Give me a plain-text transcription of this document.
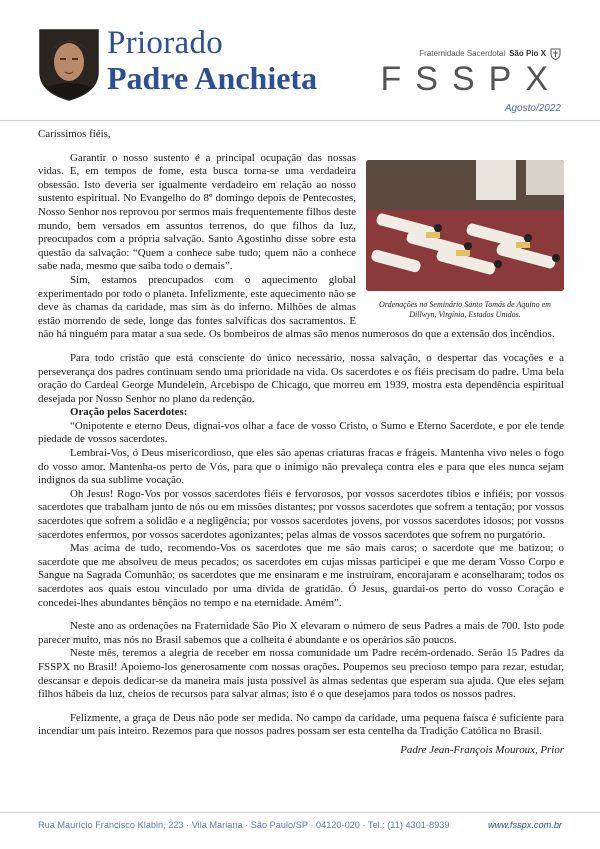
Priorado
Padre Anchieta
Fraternidade Sacerdotal São Pio X
FSSPX
Agosto/2022

Caríssimos fiéis,

Ordenações no Seminário Santo Tomás de Aquino em Dillwyn, Virgínia, Estados Unidos.

Garantir o nosso sustento é a principal ocupação das nossas vidas. E, em tempos de fome, esta busca torna-se uma verdadeira obsessão. Isto deveria ser igualmente verdadeiro em relação ao nosso sustento espiritual. No Evangelho do 8º domingo depois de Pentecostes, Nosso Senhor nos reprovou por sermos mais frequentemente filhos deste mundo, bem versados em assuntos terrenos, do que filhos da luz, preocupados com a própria salvação. Santo Agostinho disse sobre esta questão da salvação: “Quem a conhece sabe tudo; quem não a conhece sabe nada, mesmo que saiba todo o demais”.

Sim, estamos preocupados com o aquecimento global experimentado por todo o planeta. Infelizmente, este aquecimento não se deve às chamas da caridade, mas sim às do inferno. Milhões de almas estão morrendo de sede, longe das fontes salvíficas dos sacramentos. E não há ninguém para matar a sua sede. Os bombeiros de almas são menos numerosos do que a extensão dos incêndios.

Para todo cristão que está consciente do único necessário, nossa salvação, o despertar das vocações e a perseverança dos padres continuam sendo uma prioridade na vida. Os sacerdotes e os fiéis precisam do padre. Uma bela oração do Cardeal George Mundelein, Arcebispo de Chicago, que morreu em 1939, mostra esta dependência espiritual desejada por Nosso Senhor no plano da redenção.

Oração pelos Sacerdotes:

“Onipotente e eterno Deus, dignai-vos olhar a face de vosso Cristo, o Sumo e Eterno Sacerdote, e por ele tende piedade de vossos sacerdotes.

Lembrai-Vos, ó Deus misericordioso, que eles são apenas criaturas fracas e frágeis. Mantenha vivo neles o fogo do vosso amor. Mantenha-os perto de Vós, para que o inimigo não prevaleça contra eles e para que eles nunca sejam indignos da sua sublime vocação.

Oh Jesus! Rogo-Vos por vossos sacerdotes fiéis e fervorosos, por vossos sacerdotes tíbios e infiéis; por vossos sacerdotes que trabalham junto de nós ou em missões distantes; por vossos sacerdotes que sofrem a tentação; por vossos sacerdotes que sofrem a solidão e a negligência; por vossos sacerdotes jovens, por vossos sacerdotes idosos; por vossos sacerdotes enfermos, por vossos sacerdotes agonizantes; pelas almas de vossos sacerdotes que sofrem no purgatório.

Mas acima de tudo, recomendo-Vos os sacerdotes que me são mais caros; o sacerdote que me batizou; o sacerdote que me absolveu de meus pecados; os sacerdotes em cujas missas participei e que me deram Vosso Corpo e Sangue na Sagrada Comunhão; os sacerdotes que me ensinaram e me instruíram, encorajaram e aconselharam; todos os sacerdotes aos quais estou vinculado por uma dívida de gratidão. Ó Jesus, guardai-os perto do vosso Coração e concedei-lhes abundantes bênçãos no tempo e na eternidade. Amém”.

Neste ano as ordenações na Fraternidade São Pio X elevaram o número de seus Padres a mais de 700. Isto pode parecer muito, mas nós no Brasil sabemos que a colheita é abundante e os operários são poucos.

Neste mês, teremos a alegria de receber em nossa comunidade um Padre recém-ordenado. Serão 15 Padres da FSSPX no Brasil! Apoiemo-los generosamente com nossas orações. Poupemos seu precioso tempo para rezar, estudar, descansar e depois dedicar-se da maneira mais justa possível às almas sedentas que esperam sua ajuda. Que eles sejam filhos hábeis da luz, cheios de recursos para salvar almas; isto é o que desejamos para todos os nossos padres.

Felizmente, a graça de Deus não pode ser medida. No campo da caridade, uma pequena faísca é suficiente para incendiar um país inteiro. Rezemos para que nossos padres possam ser esta centelha da Tradição Católica no Brasil.

Padre Jean-François Mouroux, Prior

Rua Maurício Francisco Klabin, 223 · Vila Mariana · São Paulo/SP · 04120-020 · Tel.: (11) 4301-8939	www.fsspx.com.br
